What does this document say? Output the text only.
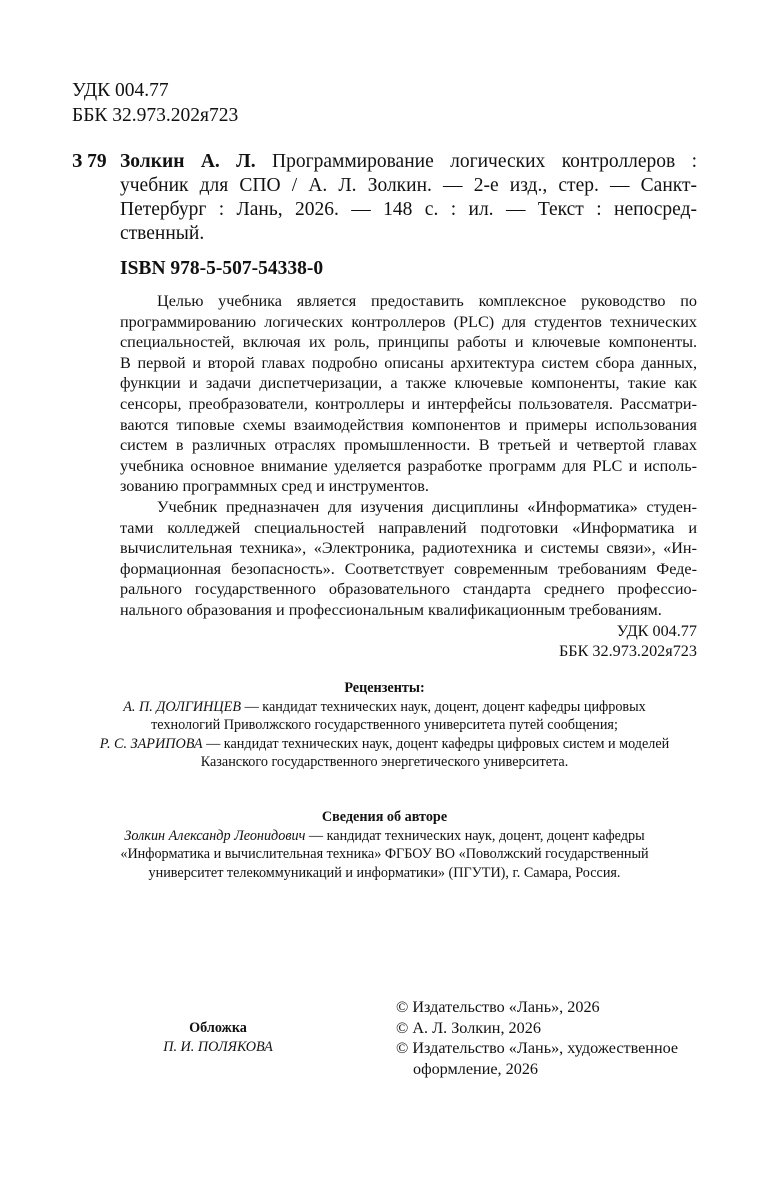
УДК 004.77
ББК 32.973.202я723
З 79 Золкин А. Л. Программирование логических контроллеров :
учебник для СПО / А. Л. Золкин. — 2-е изд., стер. — Санкт-
Петербург : Лань, 2026. — 148 с. : ил. — Текст : непосред-
ственный.
ISBN 978-5-507-54338-0
Целью учебника является предоставить комплексное руководство по
программированию логических контроллеров (PLC) для студентов технических
специальностей, включая их роль, принципы работы и ключевые компоненты.
В первой и второй главах подробно описаны архитектура систем сбора данных,
функции и задачи диспетчеризации, а также ключевые компоненты, такие как
сенсоры, преобразователи, контроллеры и интерфейсы пользователя. Рассматри-
ваются типовые схемы взаимодействия компонентов и примеры использования
систем в различных отраслях промышленности. В третьей и четвертой главах
учебника основное внимание уделяется разработке программ для PLC и исполь-
зованию программных сред и инструментов.
Учебник предназначен для изучения дисциплины «Информатика» студен-
тами колледжей специальностей направлений подготовки «Информатика и
вычислительная техника», «Электроника, радиотехника и системы связи», «Ин-
формационная безопасность». Соответствует современным требованиям Феде-
рального государственного образовательного стандарта среднего профессио-
нального образования и профессиональным квалификационным требованиям.
УДК 004.77
ББК 32.973.202я723
Рецензенты:
А. П. ДОЛГИНЦЕВ — кандидат технических наук, доцент, доцент кафедры цифровых
технологий Приволжского государственного университета путей сообщения;
Р. С. ЗАРИПОВА — кандидат технических наук, доцент кафедры цифровых систем и моделей
Казанского государственного энергетического университета.
Сведения об авторе
Золкин Александр Леонидович — кандидат технических наук, доцент, доцент кафедры
«Информатика и вычислительная техника» ФГБОУ ВО «Поволжский государственный
университет телекоммуникаций и информатики» (ПГУТИ), г. Самара, Россия.
Обложка
П. И. ПОЛЯКОВА
© Издательство «Лань», 2026
© А. Л. Золкин, 2026
© Издательство «Лань», художественное
оформление, 2026
